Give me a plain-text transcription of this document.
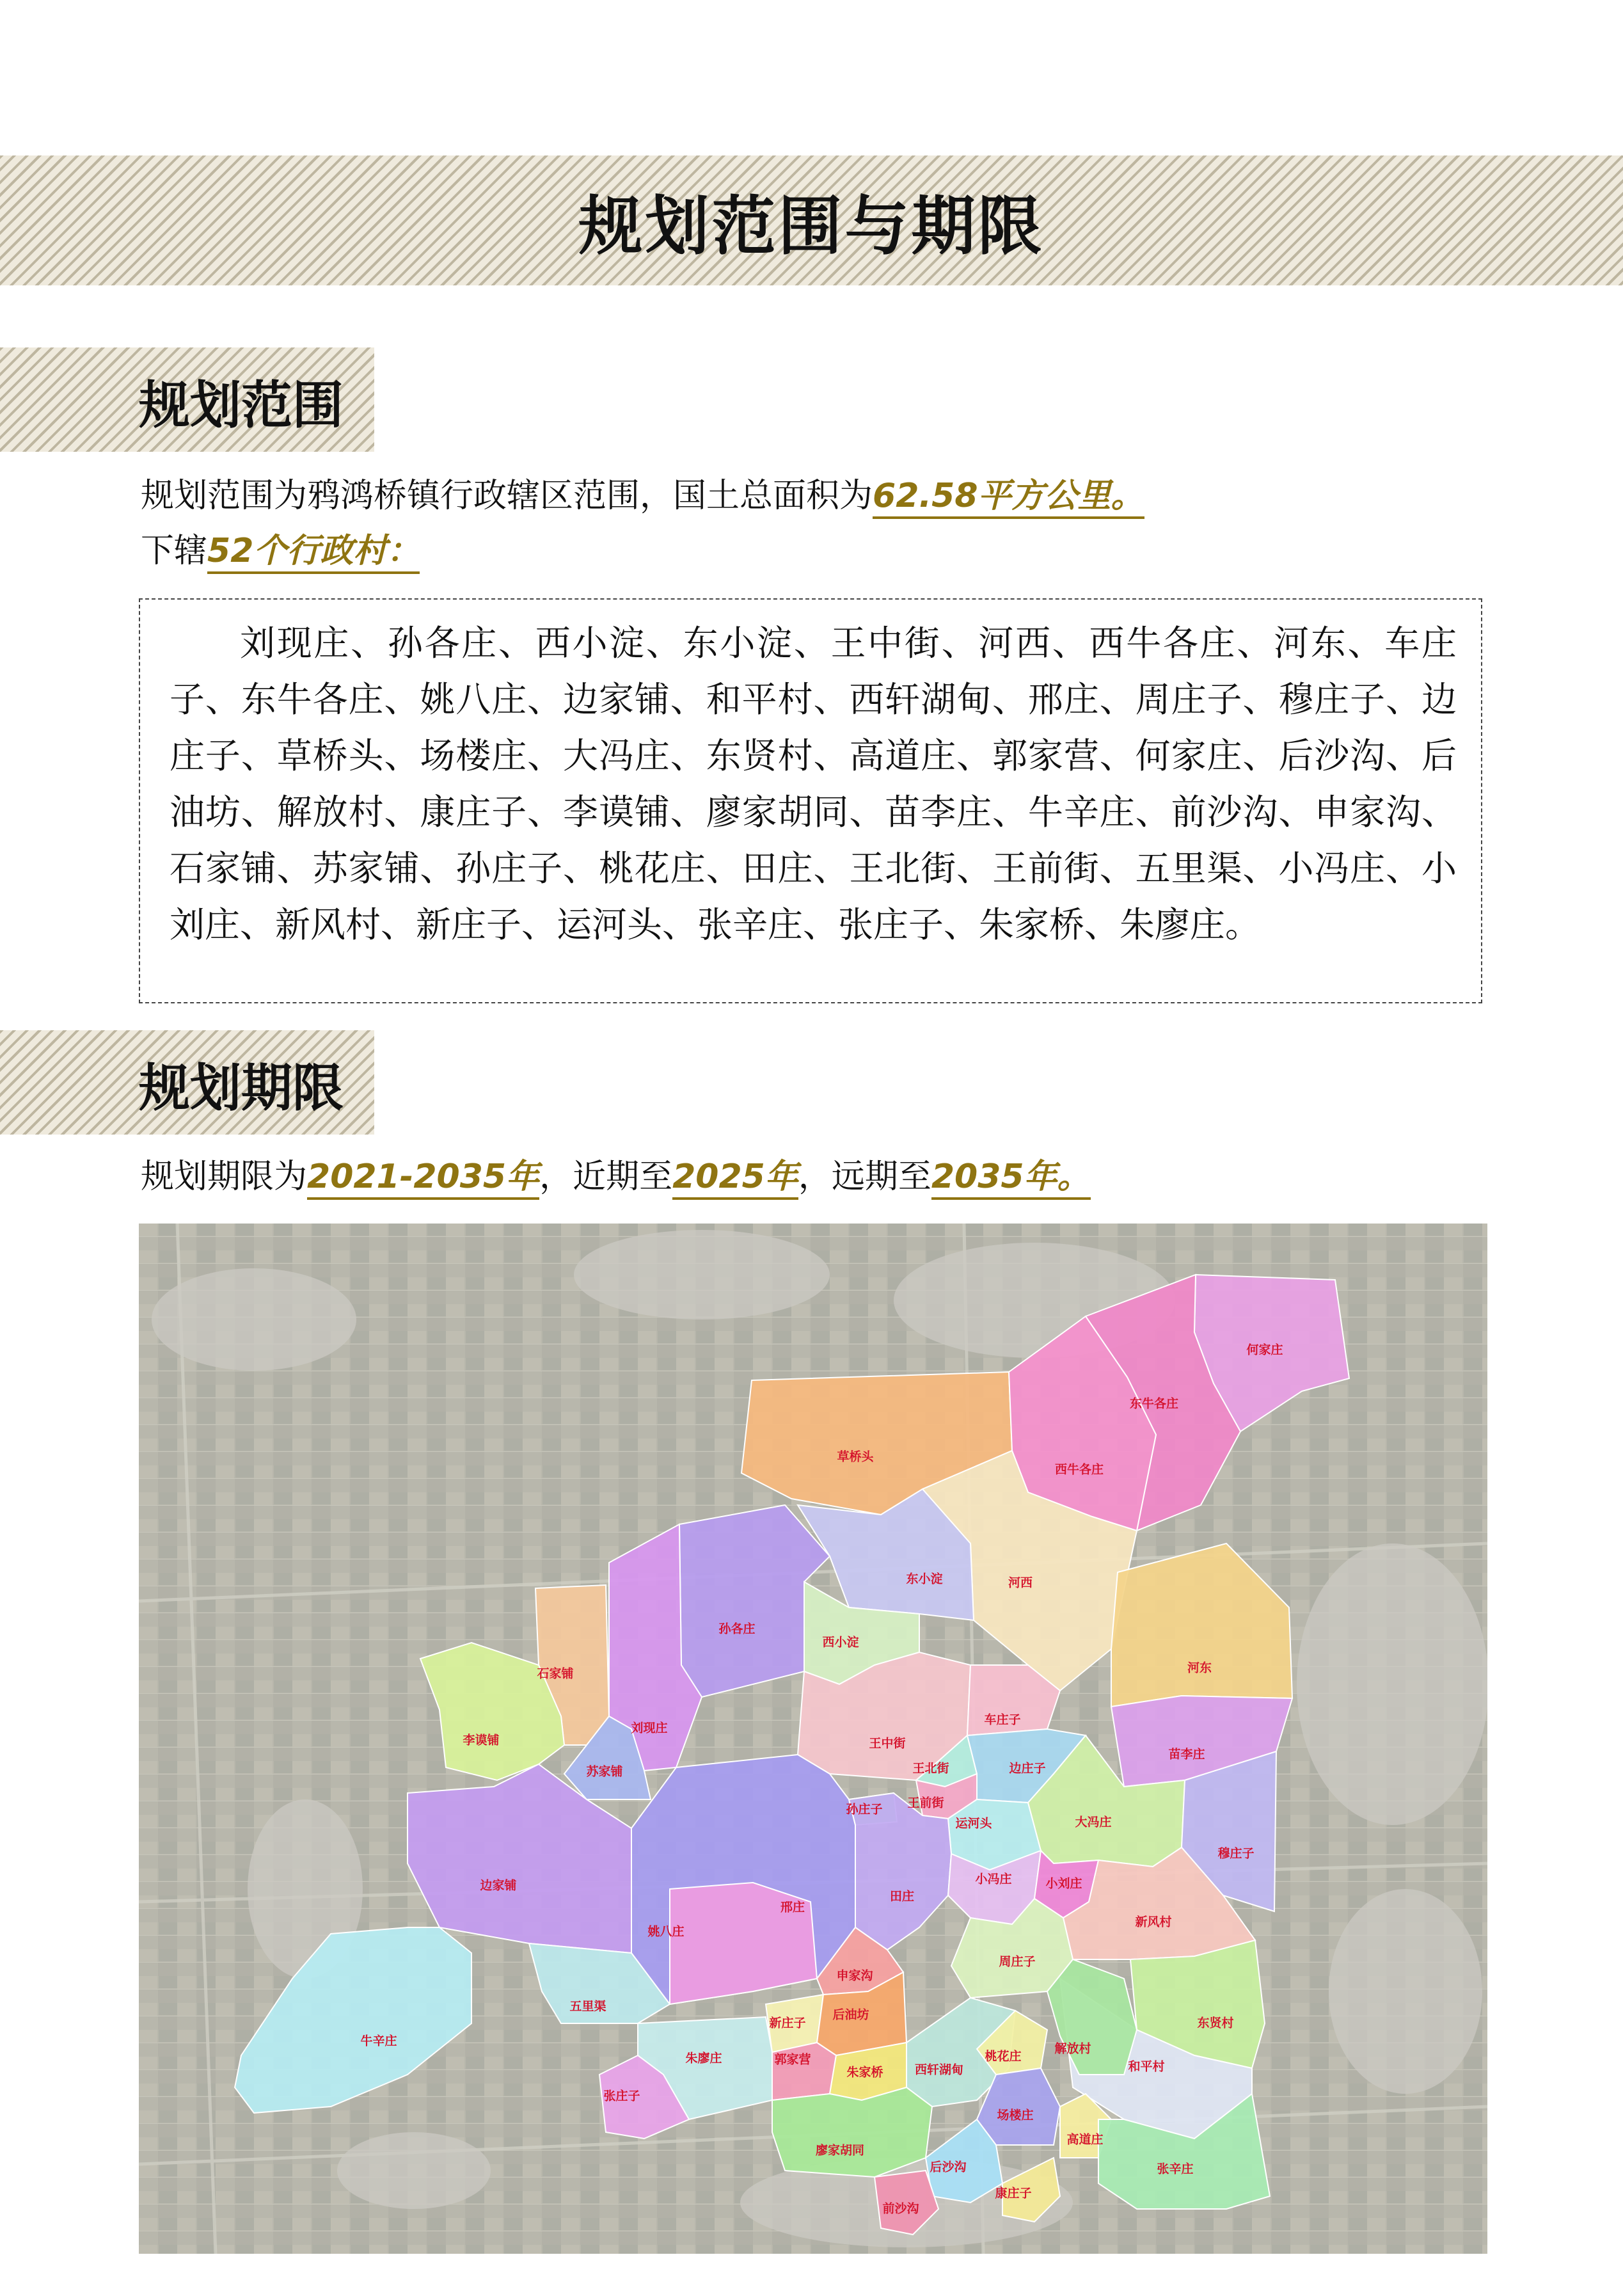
规划范围与期限
规划范围
规划范围为鸦鸿桥镇行政辖区范围，国土总面积为62.58平方公里。
下辖52个行政村：

刘现庄、孙各庄、西小淀、东小淀、王中街、河西、西牛各庄、河东、车庄子、东牛各庄、姚八庄、边家铺、和平村、西轩湖甸、邢庄、周庄子、穆庄子、边庄子、草桥头、场楼庄、大冯庄、东贤村、高道庄、郭家营、何家庄、后沙沟、后油坊、解放村、康庄子、李谟铺、廖家胡同、苗李庄、牛辛庄、前沙沟、申家沟、石家铺、苏家铺、孙庄子、桃花庄、田庄、王北街、王前街、五里渠、小冯庄、小刘庄、新风村、新庄子、运河头、张辛庄、张庄子、朱家桥、朱廖庄。

规划期限
规划期限为2021-2035年，近期至2025年，远期至2035年。
何家庄
东牛各庄
草桥头
西牛各庄
河西
东小淀
孙各庄
西小淀
河东
石家铺
李谟铺
刘现庄
王中街
车庄子
苏家铺	王北街	边庄子
苗李庄
王前街
孙庄子
运河头	大冯庄
穆庄子
边家铺
邢庄
田庄
小冯庄	小刘庄
新风村
姚八庄
周庄子
申家沟
五里渠
东贤村
牛辛庄
新庄子
后油坊
和平村
朱廖庄	郭家营
朱家桥	西轩湖甸
桃花庄
解放村
张庄子
场楼庄
高道庄
张辛庄
廖家胡同
后沙沟
康庄子
前沙沟
